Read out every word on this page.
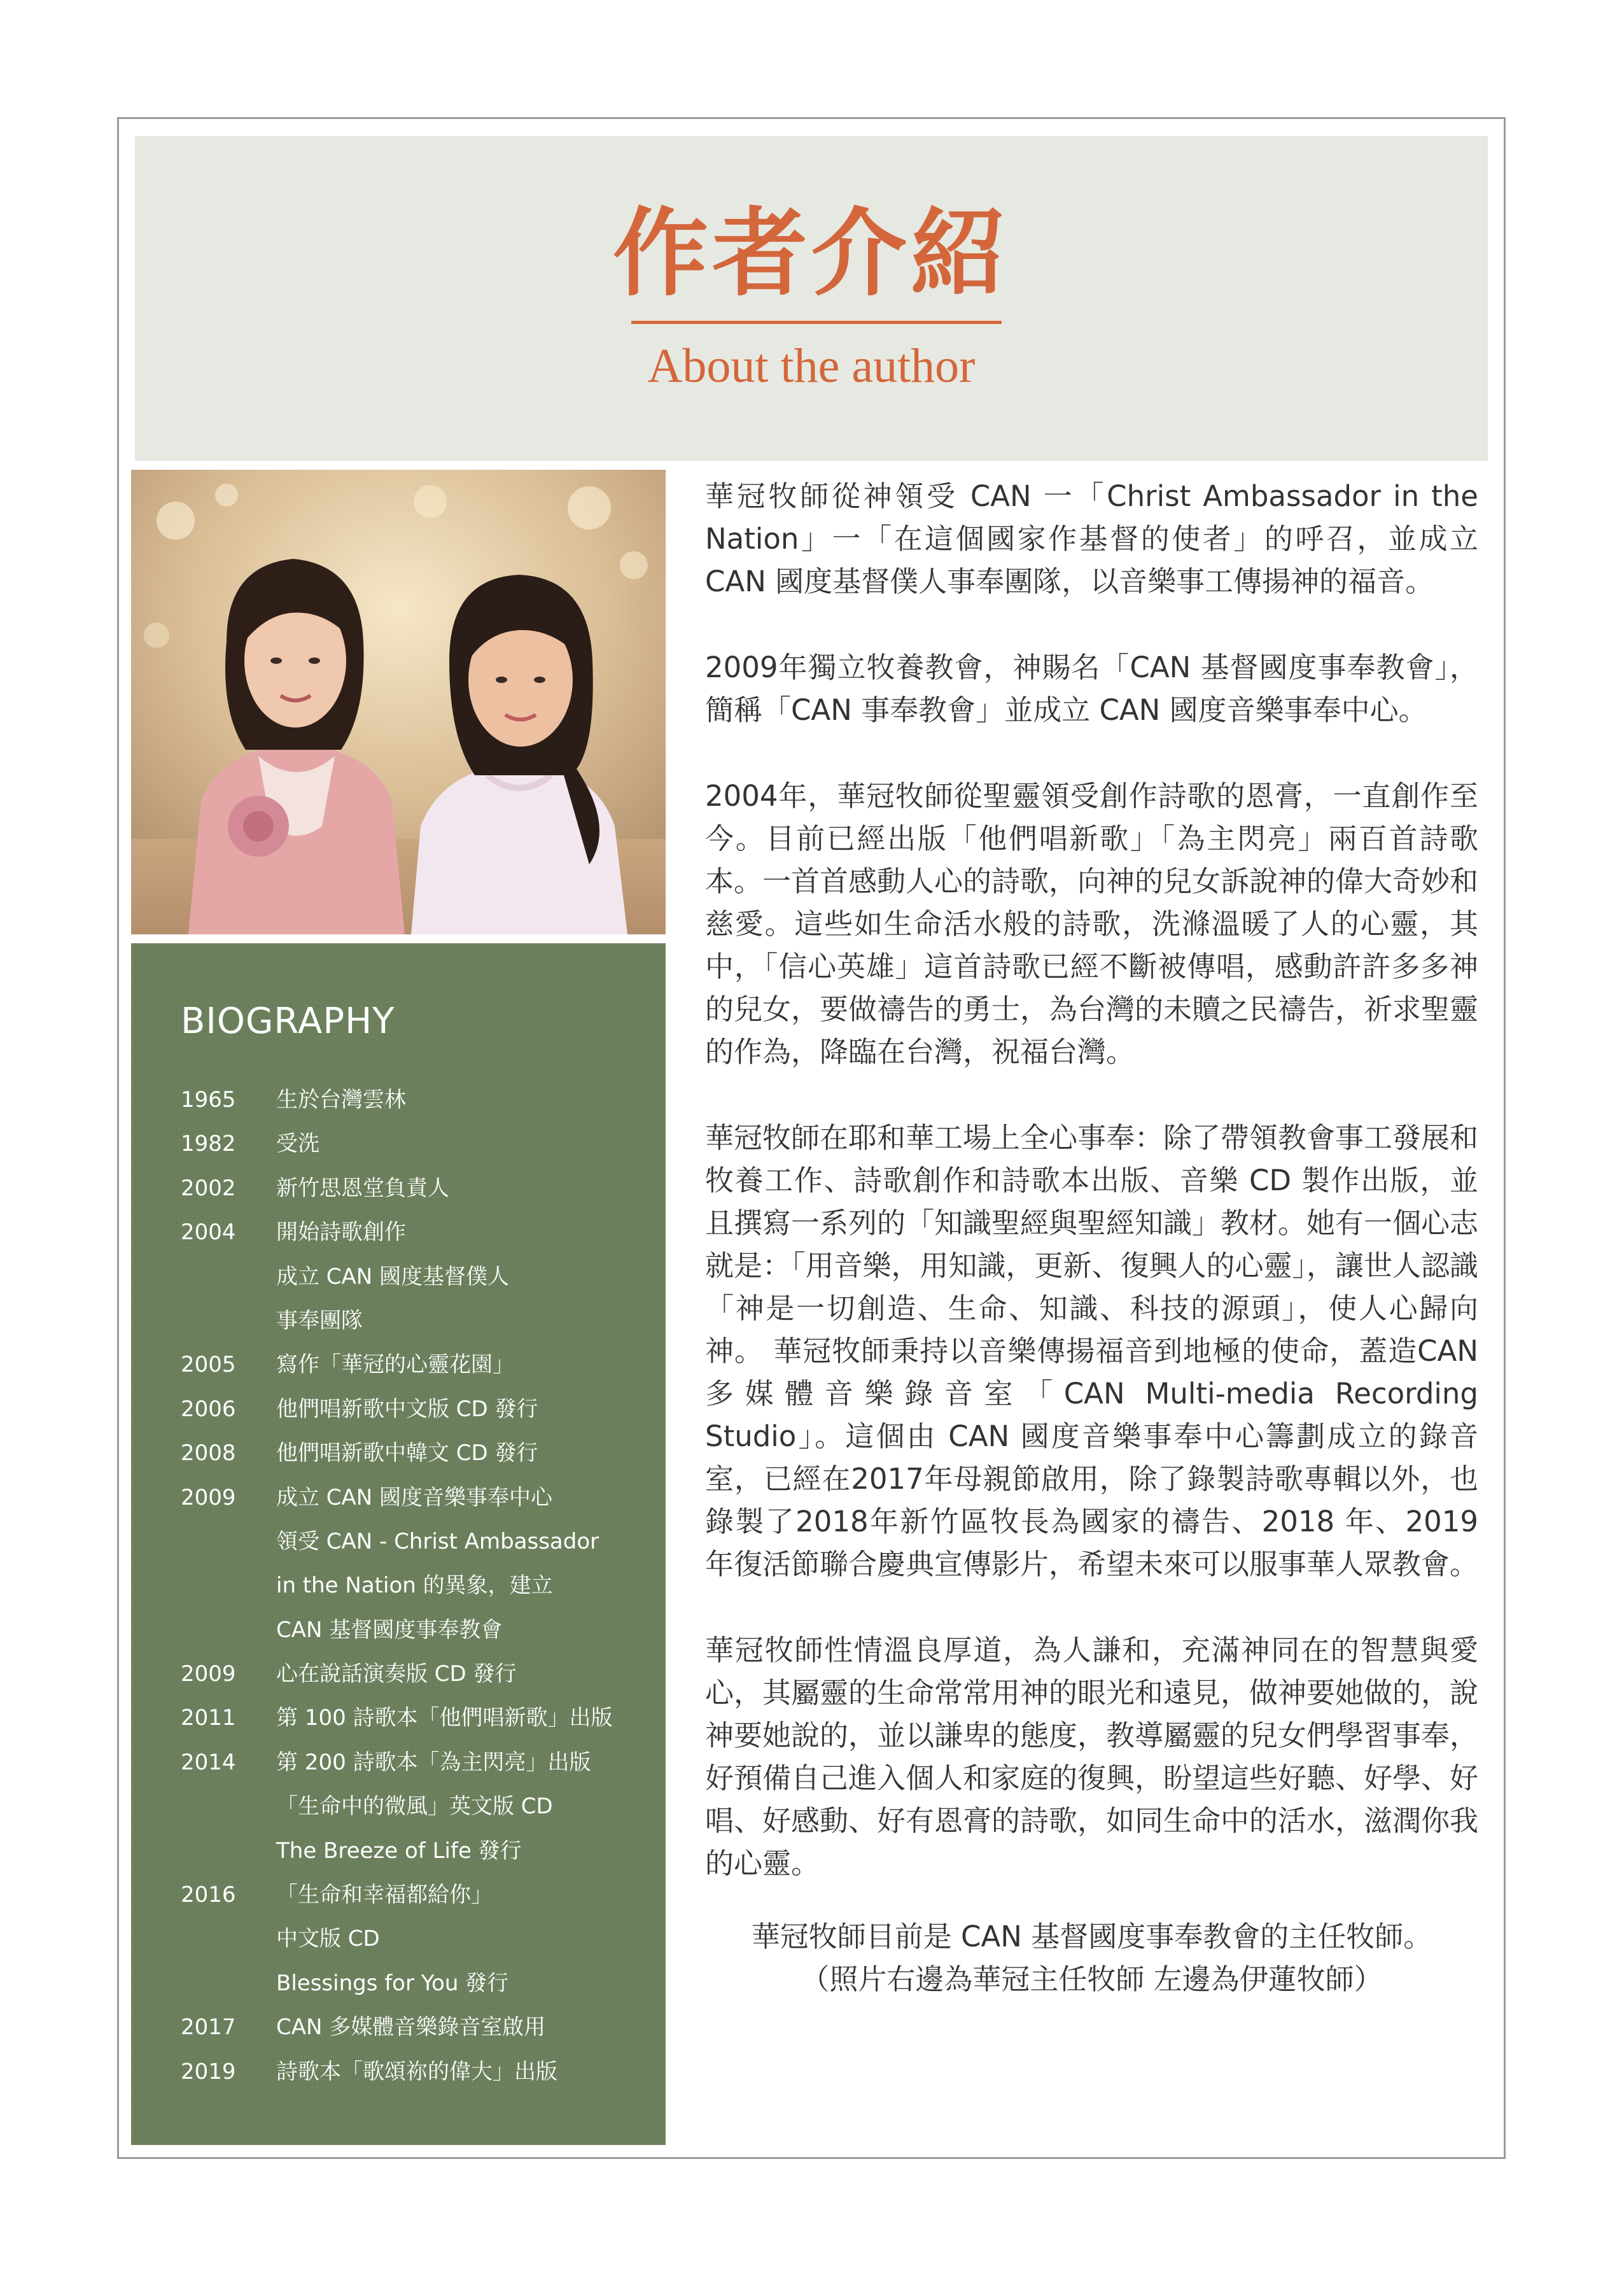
作者介紹
About the author
BIOGRAPHY
1965 生於台灣雲林
1982 受洗
2002 新竹思恩堂負責人
2004 開始詩歌創作
成立 CAN 國度基督僕人
事奉團隊
2005 寫作「華冠的心靈花園」
2006 他們唱新歌中文版 CD 發行
2008 他們唱新歌中韓文 CD 發行
2009 成立 CAN 國度音樂事奉中心
領受 CAN - Christ Ambassador
in the Nation 的異象，建立
CAN 基督國度事奉教會
2009 心在說話演奏版 CD 發行
2011 第 100 詩歌本「他們唱新歌」出版
2014 第 200 詩歌本「為主閃亮」出版
「生命中的微風」英文版 CD
The Breeze of Life 發行
2016 「生命和幸福都給你」
中文版 CD
Blessings for You 發行
2017 CAN 多媒體音樂錄音室啟用
2019 詩歌本「歌頌祢的偉大」出版

華冠牧師從神領受 CAN 一「Christ Ambassador in the Nation」一「在這個國家作基督的使者」的呼召，並成立 CAN 國度基督僕人事奉團隊，以音樂事工傳揚神的福音。

2009年獨立牧養教會，神賜名「CAN 基督國度事奉教會」，簡稱「CAN 事奉教會」並成立 CAN 國度音樂事奉中心。

2004年，華冠牧師從聖靈領受創作詩歌的恩膏，一直創作至今。目前已經出版「他們唱新歌」「為主閃亮」兩百首詩歌本。一首首感動人心的詩歌，向神的兒女訴說神的偉大奇妙和慈愛。這些如生命活水般的詩歌，洗滌溫暖了人的心靈，其中，「信心英雄」這首詩歌已經不斷被傳唱，感動許許多多神的兒女，要做禱告的勇士，為台灣的未贖之民禱告，祈求聖靈的作為，降臨在台灣，祝福台灣。

華冠牧師在耶和華工場上全心事奉：除了帶領教會事工發展和牧養工作、詩歌創作和詩歌本出版、音樂 CD 製作出版，並且撰寫一系列的「知識聖經與聖經知識」教材。她有一個心志就是：「用音樂，用知識，更新、復興人的心靈」，讓世人認識「神是一切創造、生命、知識、科技的源頭」，使人心歸向神。 華冠牧師秉持以音樂傳揚福音到地極的使命，蓋造CAN多媒體音樂錄音室「CAN Multi-media Recording Studio」。這個由 CAN 國度音樂事奉中心籌劃成立的錄音室，已經在2017年母親節啟用，除了錄製詩歌專輯以外，也錄製了2018年新竹區牧長為國家的禱告、2018 年、2019 年復活節聯合慶典宣傳影片，希望未來可以服事華人眾教會。

華冠牧師性情溫良厚道，為人謙和，充滿神同在的智慧與愛心，其屬靈的生命常常用神的眼光和遠見，做神要她做的，說神要她說的，並以謙卑的態度，教導屬靈的兒女們學習事奉，好預備自己進入個人和家庭的復興，盼望這些好聽、好學、好唱、好感動、好有恩膏的詩歌，如同生命中的活水，滋潤你我的心靈。

華冠牧師目前是 CAN 基督國度事奉教會的主任牧師。

（照片右邊為華冠主任牧師 左邊為伊蓮牧師）
